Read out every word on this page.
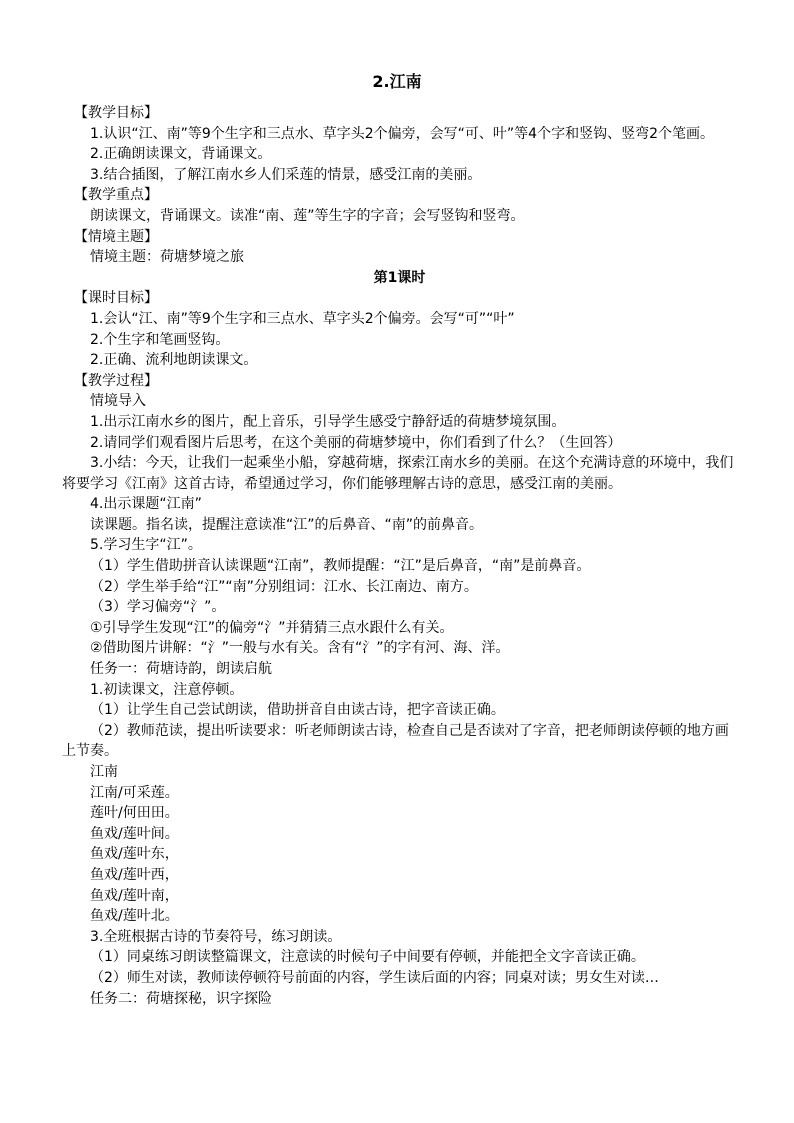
2.江南

【教学目标】

1.认识“江、南”等9个生字和三点水、草字头2个偏旁，会写“可、叶”等4个字和竖钩、竖弯2个笔画。

2.正确朗读课文，背诵课文。

3.结合插图，了解江南水乡人们采莲的情景，感受江南的美丽。

【教学重点】

朗读课文，背诵课文。读准“南、莲”等生字的字音；会写竖钩和竖弯。

【情境主题】

情境主题：荷塘梦境之旅

第1课时

【课时目标】

1.会认“江、南”等9个生字和三点水、草字头2个偏旁。会写“可”“叶”

2.个生字和笔画竖钩。

2.正确、流利地朗读课文。

【教学过程】

情境导入

1.出示江南水乡的图片，配上音乐，引导学生感受宁静舒适的荷塘梦境氛围。

2.请同学们观看图片后思考，在这个美丽的荷塘梦境中，你们看到了什么？（生回答）

3.小结：今天，让我们一起乘坐小船，穿越荷塘，探索江南水乡的美丽。在这个充满诗意的环境中，我们将要学习《江南》这首古诗，希望通过学习，你们能够理解古诗的意思，感受江南的美丽。

4.出示课题“江南”

读课题。指名读，提醒注意读准“江”的后鼻音、“南”的前鼻音。

5.学习生字“江”。

（1）学生借助拼音认读课题“江南”，教师提醒：“江”是后鼻音，“南”是前鼻音。

（2）学生举手给“江”“南”分别组词：江水、长江南边、南方。

（3）学习偏旁“氵”。

①引导学生发现“江”的偏旁“氵”并猜猜三点水跟什么有关。

②借助图片讲解：“氵”一般与水有关。含有“氵”的字有河、海、洋。

任务一：荷塘诗韵，朗读启航

1.初读课文，注意停顿。

（1）让学生自己尝试朗读，借助拼音自由读古诗，把字音读正确。

（2）教师范读，提出听读要求：听老师朗读古诗，检查自己是否读对了字音，把老师朗读停顿的地方画上节奏。

江南

江南/可采莲。

莲叶/何田田。

鱼戏/莲叶间。

鱼戏/莲叶东，

鱼戏/莲叶西，

鱼戏/莲叶南，

鱼戏/莲叶北。

3.全班根据古诗的节奏符号，练习朗读。

（1）同桌练习朗读整篇课文，注意读的时候句子中间要有停顿，并能把全文字音读正确。

（2）师生对读，教师读停顿符号前面的内容，学生读后面的内容；同桌对读；男女生对读…

任务二：荷塘探秘，识字探险
